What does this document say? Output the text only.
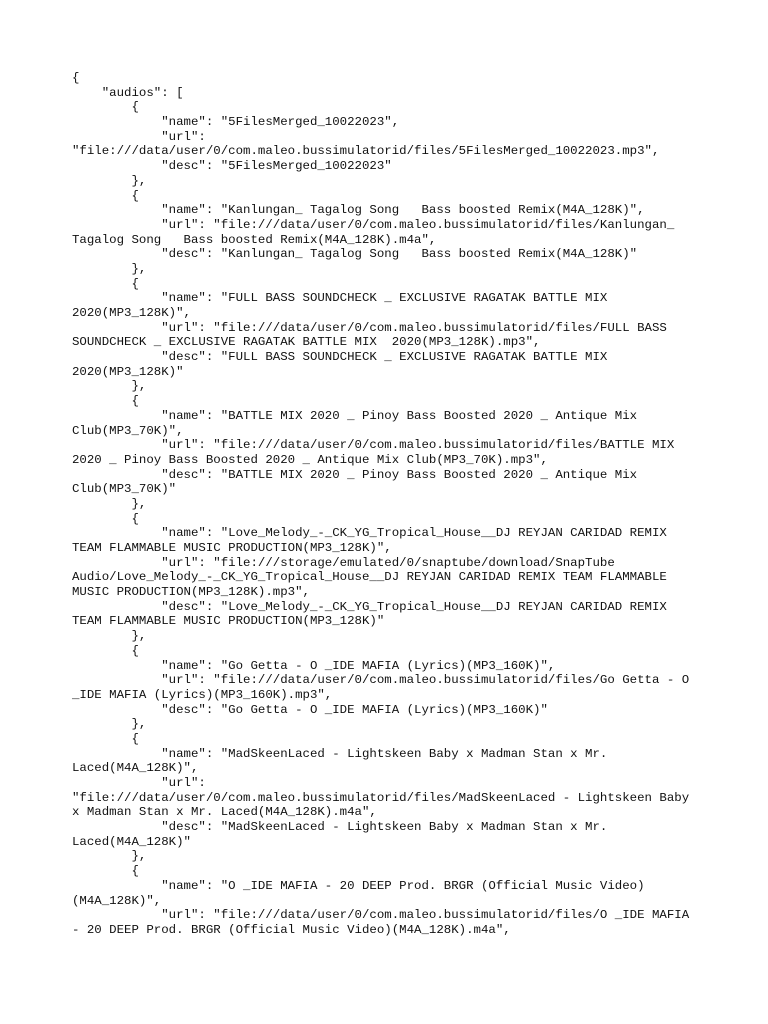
{
"audios": [
{
"name": "5FilesMerged_10022023",
"url":
"file:///data/user/0/com.maleo.bussimulatorid/files/5FilesMerged_10022023.mp3",
"desc": "5FilesMerged_10022023"
},
{
"name": "Kanlungan_ Tagalog Song   Bass boosted Remix(M4A_128K)",
"url": "file:///data/user/0/com.maleo.bussimulatorid/files/Kanlungan_
Tagalog Song   Bass boosted Remix(M4A_128K).m4a",
"desc": "Kanlungan_ Tagalog Song   Bass boosted Remix(M4A_128K)"
},
{
"name": "FULL BASS SOUNDCHECK _ EXCLUSIVE RAGATAK BATTLE MIX
2020(MP3_128K)",
"url": "file:///data/user/0/com.maleo.bussimulatorid/files/FULL BASS
SOUNDCHECK _ EXCLUSIVE RAGATAK BATTLE MIX  2020(MP3_128K).mp3",
"desc": "FULL BASS SOUNDCHECK _ EXCLUSIVE RAGATAK BATTLE MIX
2020(MP3_128K)"
},
{
"name": "BATTLE MIX 2020 _ Pinoy Bass Boosted 2020 _ Antique Mix
Club(MP3_70K)",
"url": "file:///data/user/0/com.maleo.bussimulatorid/files/BATTLE MIX
2020 _ Pinoy Bass Boosted 2020 _ Antique Mix Club(MP3_70K).mp3",
"desc": "BATTLE MIX 2020 _ Pinoy Bass Boosted 2020 _ Antique Mix
Club(MP3_70K)"
},
{
"name": "Love_Melody_-_CK_YG_Tropical_House__DJ REYJAN CARIDAD REMIX
TEAM FLAMMABLE MUSIC PRODUCTION(MP3_128K)",
"url": "file:///storage/emulated/0/snaptube/download/SnapTube
Audio/Love_Melody_-_CK_YG_Tropical_House__DJ REYJAN CARIDAD REMIX TEAM FLAMMABLE
MUSIC PRODUCTION(MP3_128K).mp3",
"desc": "Love_Melody_-_CK_YG_Tropical_House__DJ REYJAN CARIDAD REMIX
TEAM FLAMMABLE MUSIC PRODUCTION(MP3_128K)"
},
{
"name": "Go Getta - O _IDE MAFIA (Lyrics)(MP3_160K)",
"url": "file:///data/user/0/com.maleo.bussimulatorid/files/Go Getta - O
_IDE MAFIA (Lyrics)(MP3_160K).mp3",
"desc": "Go Getta - O _IDE MAFIA (Lyrics)(MP3_160K)"
},
{
"name": "MadSkeenLaced - Lightskeen Baby x Madman Stan x Mr.
Laced(M4A_128K)",
"url":
"file:///data/user/0/com.maleo.bussimulatorid/files/MadSkeenLaced - Lightskeen Baby
x Madman Stan x Mr. Laced(M4A_128K).m4a",
"desc": "MadSkeenLaced - Lightskeen Baby x Madman Stan x Mr.
Laced(M4A_128K)"
},
{
"name": "O _IDE MAFIA - 20 DEEP Prod. BRGR (Official Music Video)
(M4A_128K)",
"url": "file:///data/user/0/com.maleo.bussimulatorid/files/O _IDE MAFIA
- 20 DEEP Prod. BRGR (Official Music Video)(M4A_128K).m4a",
